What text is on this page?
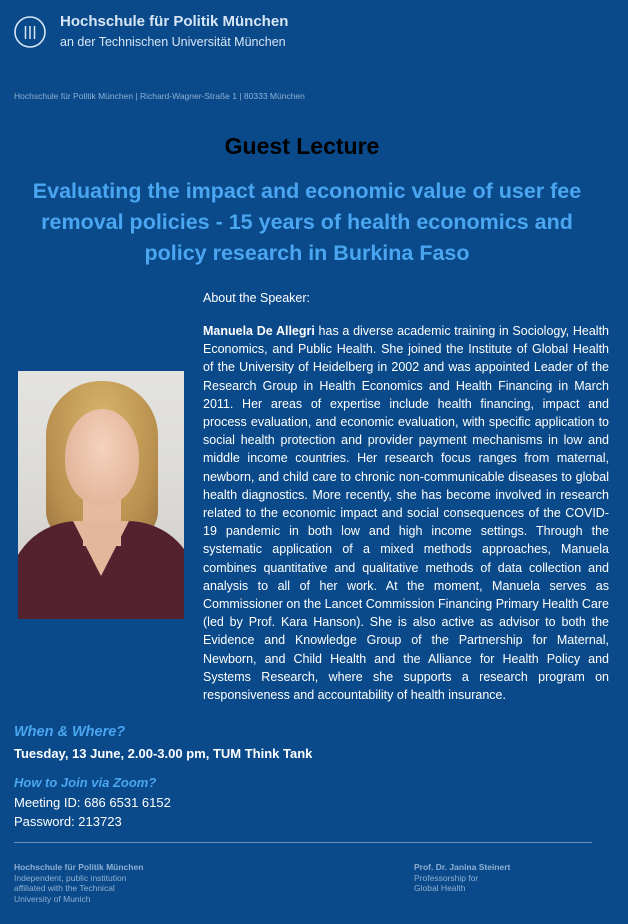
Hochschule für Politik München
an der Technischen Universität München
Hochschule für Politik München | Richard-Wagner-Straße 1 | 80333 München
Guest Lecture
Evaluating the impact and economic value of user fee removal policies - 15 years of health economics and policy research in Burkina Faso
About the Speaker:
Manuela De Allegri has a diverse academic training in Sociology, Health Economics, and Public Health. She joined the Institute of Global Health of the University of Heidelberg in 2002 and was appointed Leader of the Research Group in Health Economics and Health Financing in March 2011. Her areas of expertise include health financing, impact and process evaluation, and economic evaluation, with specific application to social health protection and provider payment mechanisms in low and middle income countries. Her research focus ranges from maternal, newborn, and child care to chronic non-communicable diseases to global health diagnostics. More recently, she has become involved in research related to the economic impact and social consequences of the COVID-19 pandemic in both low and high income settings. Through the systematic application of a mixed methods approaches, Manuela combines quantitative and qualitative methods of data collection and analysis to all of her work. At the moment, Manuela serves as Commissioner on the Lancet Commission Financing Primary Health Care (led by Prof. Kara Hanson). She is also active as advisor to both the Evidence and Knowledge Group of the Partnership for Maternal, Newborn, and Child Health and the Alliance for Health Policy and Systems Research, where she supports a research program on responsiveness and accountability of health insurance.
When & Where?
Tuesday, 13 June, 2.00-3.00 pm, TUM Think Tank
How to Join via Zoom?
Meeting ID: 686 6531 6152
Password: 213723
Hochschule für Politik München
Independent, public institution
affiliated with the Technical
University of Munich
Prof. Dr. Janina Steinert
Professorship for
Global Health
